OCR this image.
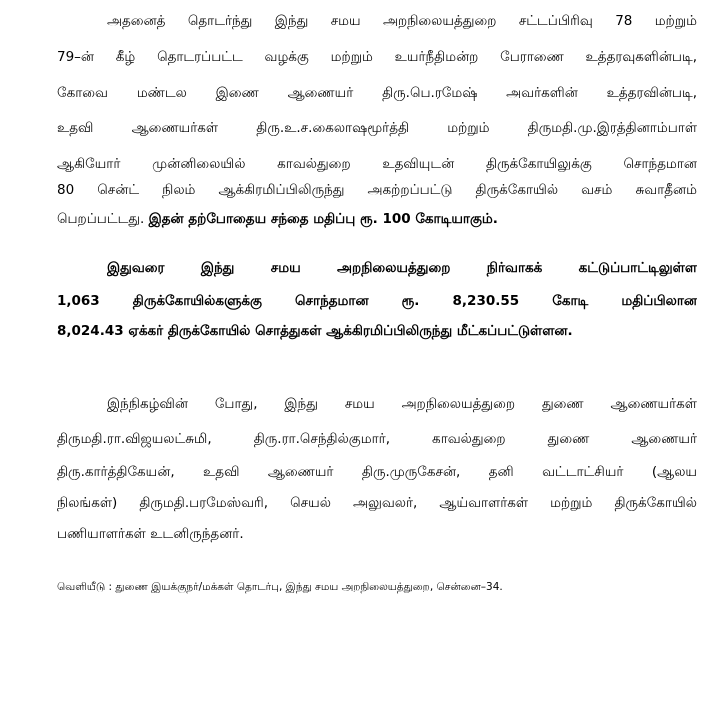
அதனைத் தொடர்ந்து இந்து சமய அறநிலையத்துறை சட்டப்பிரிவு 78 மற்றும்
79–ன் கீழ் தொடரப்பட்ட வழக்கு மற்றும் உயர்நீதிமன்ற பேராணை உத்தரவுகளின்படி,
கோவை மண்டல இணை ஆணையர் திரு.பெ.ரமேஷ் அவர்களின் உத்தரவின்படி,
உதவி ஆணையர்கள் திரு.உ.ச.கைலாஷமூர்த்தி மற்றும் திருமதி.மு.இரத்தினாம்பாள்
ஆகியோர் முன்னிலையில் காவல்துறை உதவியுடன் திருக்கோயிலுக்கு சொந்தமான
80 சென்ட் நிலம் ஆக்கிரமிப்பிலிருந்து அகற்றப்பட்டு திருக்கோயில் வசம் சுவாதீனம்
பெறப்பட்டது. இதன் தற்போதைய சந்தை மதிப்பு ரூ. 100 கோடியாகும்.
இதுவரை இந்து சமய அறநிலையத்துறை நிர்வாகக் கட்டுப்பாட்டிலுள்ள
1,063 திருக்கோயில்களுக்கு சொந்தமான ரூ. 8,230.55 கோடி மதிப்பிலான
8,024.43 ஏக்கர் திருக்கோயில் சொத்துகள் ஆக்கிரமிப்பிலிருந்து மீட்கப்பட்டுள்ளன.
இந்நிகழ்வின் போது, இந்து சமய அறநிலையத்துறை துணை ஆணையர்கள்
திருமதி.ரா.விஜயலட்சுமி, திரு.ரா.செந்தில்குமார், காவல்துறை துணை ஆணையர்
திரு.கார்த்திகேயன், உதவி ஆணையர் திரு.முருகேசன், தனி வட்டாட்சியர் (ஆலய
நிலங்கள்) திருமதி.பரமேஸ்வரி, செயல் அலுவலர், ஆய்வாளர்கள் மற்றும் திருக்கோயில்
பணியாளர்கள் உடனிருந்தனர்.
வெளியீடு : துணை இயக்குநர்/மக்கள் தொடர்பு, இந்து சமய அறநிலையத்துறை, சென்னை–34.
